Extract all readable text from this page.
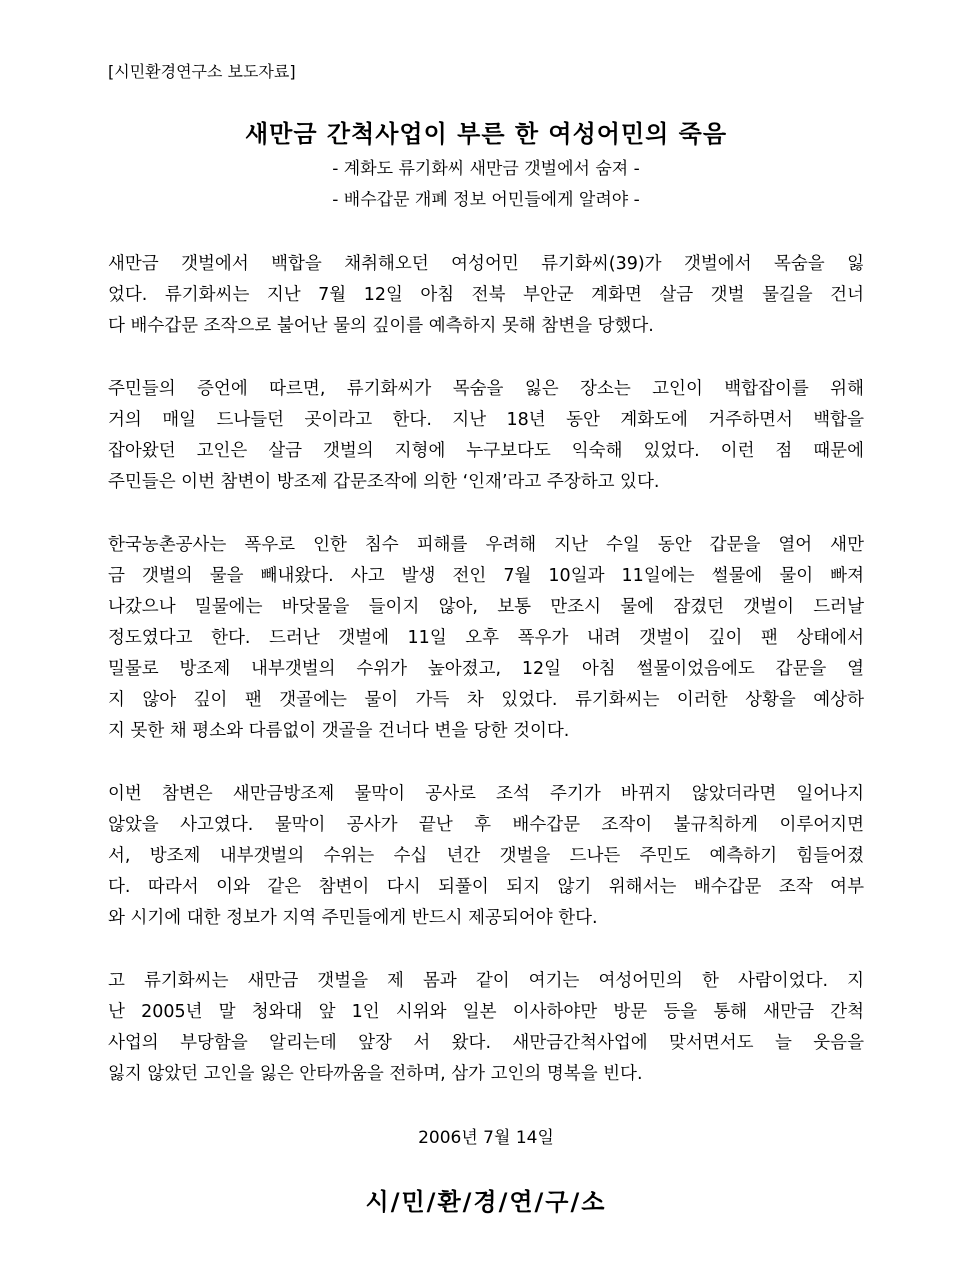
[시민환경연구소 보도자료]
새만금 간척사업이 부른 한 여성어민의 죽음
- 계화도 류기화씨 새만금 갯벌에서 숨져 -
- 배수갑문 개폐 정보 어민들에게 알려야 -
새만금 갯벌에서 백합을 채취해오던 여성어민 류기화씨(39)가 갯벌에서 목숨을 잃
었다. 류기화씨는 지난 7월 12일 아침 전북 부안군 계화면 살금 갯벌 물길을 건너
다 배수갑문 조작으로 불어난 물의 깊이를 예측하지 못해 참변을 당했다.
주민들의 증언에 따르면, 류기화씨가 목숨을 잃은 장소는 고인이 백합잡이를 위해
거의 매일 드나들던 곳이라고 한다. 지난 18년 동안 계화도에 거주하면서 백합을
잡아왔던 고인은 살금 갯벌의 지형에 누구보다도 익숙해 있었다. 이런 점 때문에
주민들은 이번 참변이 방조제 갑문조작에 의한 ‘인재’라고 주장하고 있다.
한국농촌공사는 폭우로 인한 침수 피해를 우려해 지난 수일 동안 갑문을 열어 새만
금 갯벌의 물을 빼내왔다. 사고 발생 전인 7월 10일과 11일에는 썰물에 물이 빠져
나갔으나 밀물에는 바닷물을 들이지 않아, 보통 만조시 물에 잠겼던 갯벌이 드러날
정도였다고 한다. 드러난 갯벌에 11일 오후 폭우가 내려 갯벌이 깊이 팬 상태에서
밀물로 방조제 내부갯벌의 수위가 높아졌고, 12일 아침 썰물이었음에도 갑문을 열
지 않아 깊이 팬 갯골에는 물이 가득 차 있었다. 류기화씨는 이러한 상황을 예상하
지 못한 채 평소와 다름없이 갯골을 건너다 변을 당한 것이다.
이번 참변은 새만금방조제 물막이 공사로 조석 주기가 바뀌지 않았더라면 일어나지
않았을 사고였다. 물막이 공사가 끝난 후 배수갑문 조작이 불규칙하게 이루어지면
서, 방조제 내부갯벌의 수위는 수십 년간 갯벌을 드나든 주민도 예측하기 힘들어졌
다. 따라서 이와 같은 참변이 다시 되풀이 되지 않기 위해서는 배수갑문 조작 여부
와 시기에 대한 정보가 지역 주민들에게 반드시 제공되어야 한다.
고 류기화씨는 새만금 갯벌을 제 몸과 같이 여기는 여성어민의 한 사람이었다. 지
난 2005년 말 청와대 앞 1인 시위와 일본 이사하야만 방문 등을 통해 새만금 간척
사업의 부당함을 알리는데 앞장 서 왔다. 새만금간척사업에 맞서면서도 늘 웃음을
잃지 않았던 고인을 잃은 안타까움을 전하며, 삼가 고인의 명복을 빈다.
2006년 7월 14일
시/민/환/경/연/구/소
